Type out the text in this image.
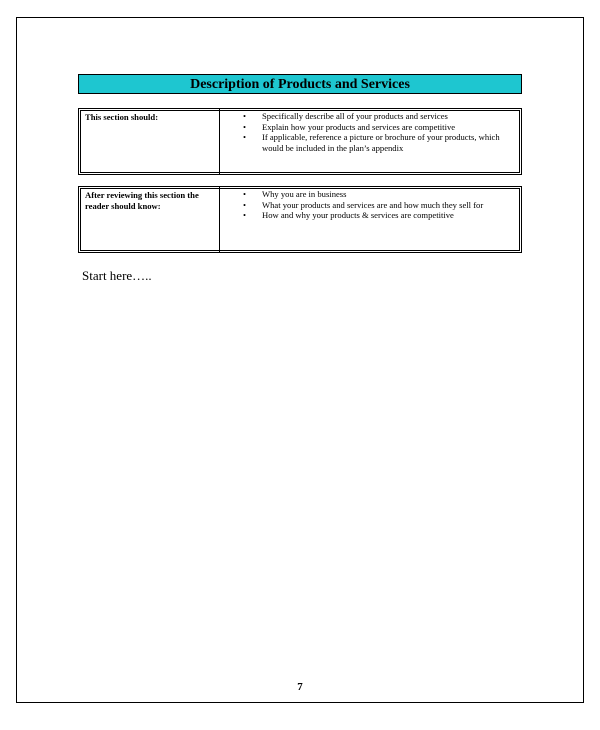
Description of Products and Services
This section should:	• Specifically describe all of your products and services
• Explain how your products and services are competitive
• If applicable, reference a picture or brochure of your products, which would be included in the plan’s appendix
After reviewing this section the reader should know:
• Why you are in business
• What your products and services are and how much they sell for
• How and why your products & services are competitive
Start here…..
7
